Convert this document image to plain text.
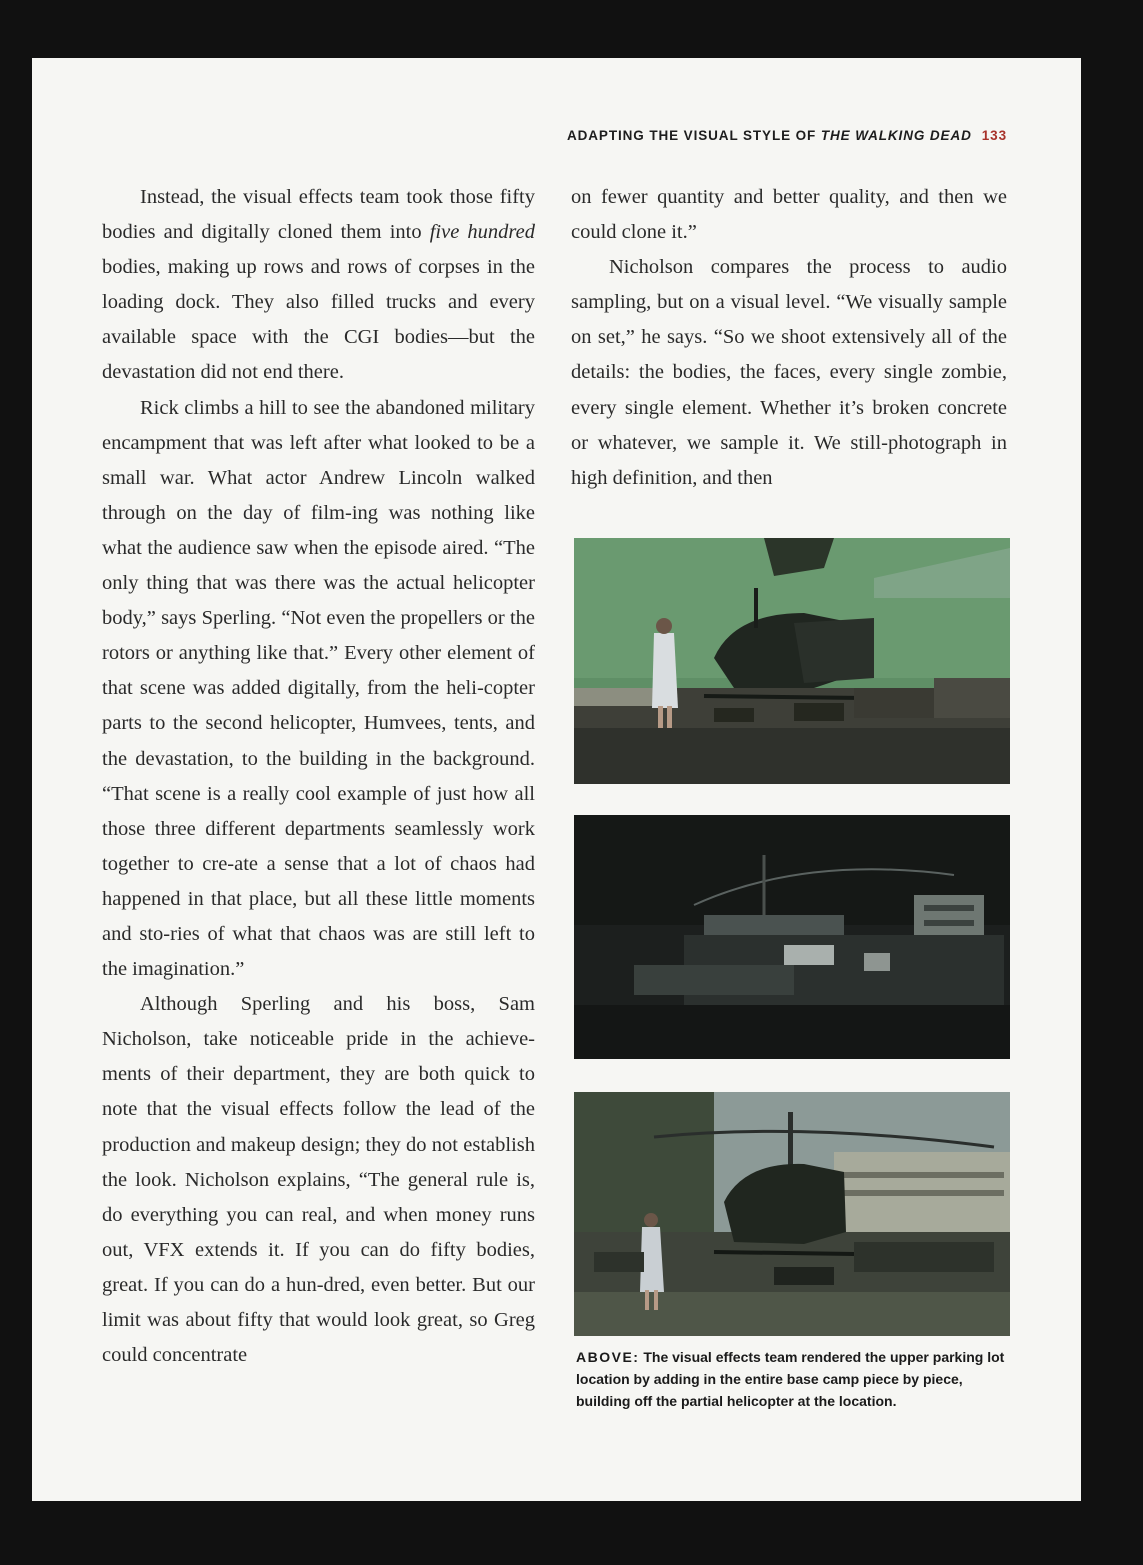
ADAPTING THE VISUAL STYLE OF THE WALKING DEAD 133

Instead, the visual effects team took those fifty bodies and digitally cloned them into five hundred bodies, making up rows and rows of corpses in the loading dock. They also filled trucks and every available space with the CGI bodies—but the devastation did not end there.

Rick climbs a hill to see the abandoned military encampment that was left after what looked to be a small war. What actor Andrew Lincoln walked through on the day of film-ing was nothing like what the audience saw when the episode aired. “The only thing that was there was the actual helicopter body,” says Sperling. “Not even the propellers or the rotors or anything like that.” Every other element of that scene was added digitally, from the heli-copter parts to the second helicopter, Humvees, tents, and the devastation, to the building in the background. “That scene is a really cool example of just how all those three different departments seamlessly work together to cre-ate a sense that a lot of chaos had happened in that place, but all these little moments and sto-ries of what that chaos was are still left to the imagination.”

Although Sperling and his boss, Sam Nicholson, take noticeable pride in the achieve-ments of their department, they are both quick to note that the visual effects follow the lead of the production and makeup design; they do not establish the look. Nicholson explains, “The general rule is, do everything you can real, and when money runs out, VFX extends it. If you can do fifty bodies, great. If you can do a hun-dred, even better. But our limit was about fifty that would look great, so Greg could concentrate

on fewer quantity and better quality, and then we could clone it.”

Nicholson compares the process to audio sampling, but on a visual level. “We visually sample on set,” he says. “So we shoot extensively all of the details: the bodies, the faces, every single zombie, every single element. Whether it’s broken concrete or whatever, we sample it. We still-photograph in high definition, and then

ABOVE: The visual effects team rendered the upper parking lot location by adding in the entire base camp piece by piece, building off the partial helicopter at the location.
